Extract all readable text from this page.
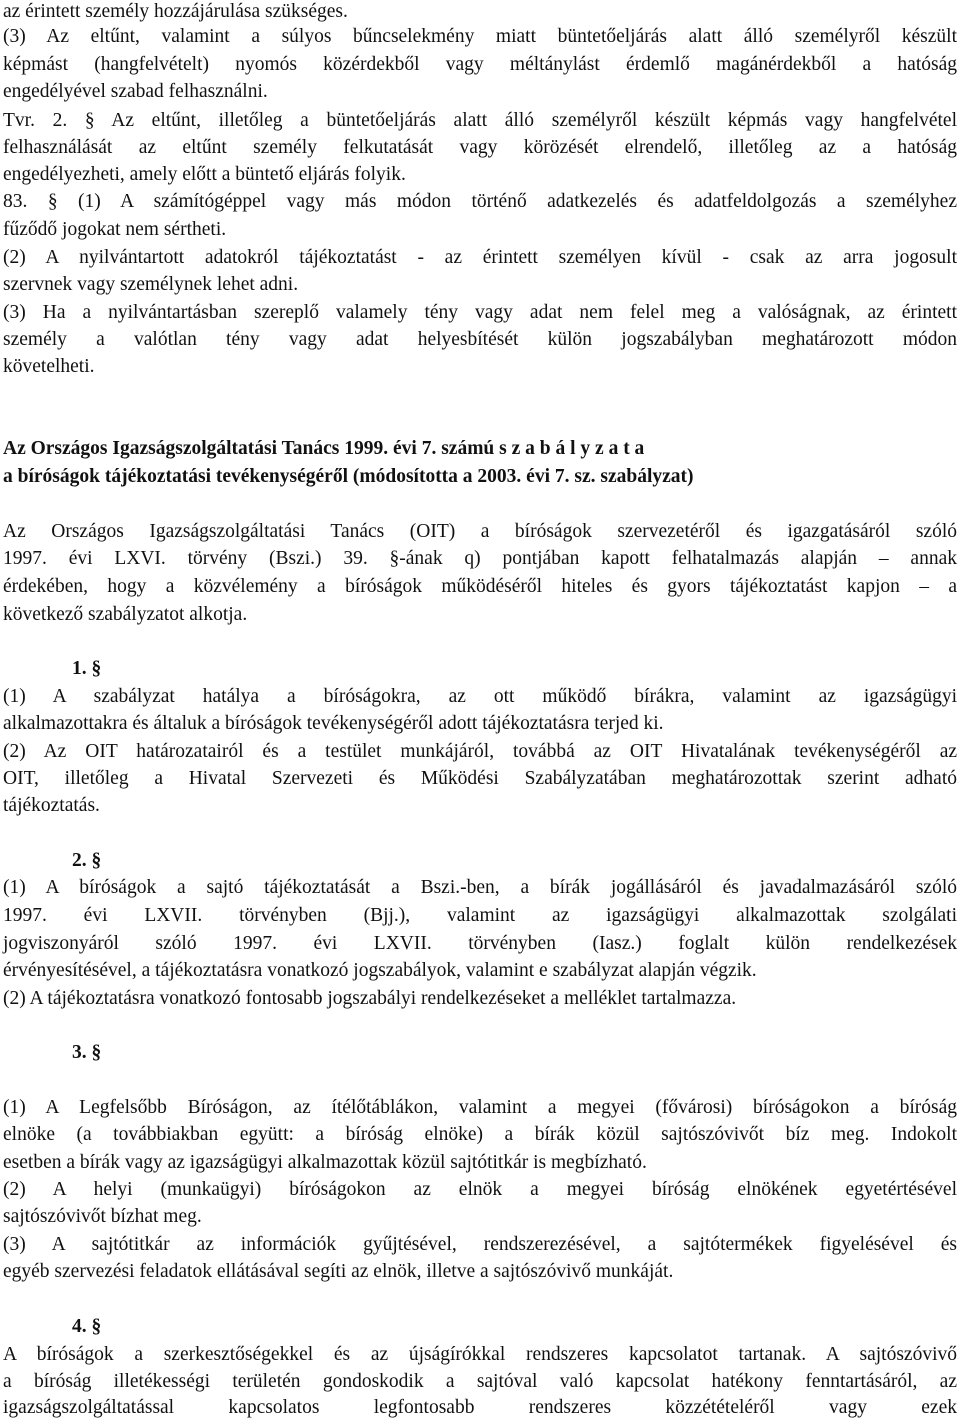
az érintett személy hozzájárulása szükséges.
(3) Az eltűnt, valamint a súlyos bűncselekmény miatt büntetőeljárás alatt álló személyről készült
képmást (hangfelvételt) nyomós közérdekből vagy méltánylást érdemlő magánérdekből a hatóság
engedélyével szabad felhasználni.
Tvr. 2. § Az eltűnt, illetőleg a büntetőeljárás alatt álló személyről készült képmás vagy hangfelvétel
felhasználását az eltűnt személy felkutatását vagy körözését elrendelő, illetőleg az a hatóság
engedélyezheti, amely előtt a büntető eljárás folyik.
83. § (1) A számítógéppel vagy más módon történő adatkezelés és adatfeldolgozás a személyhez
fűződő jogokat nem sértheti.
(2) A nyilvántartott adatokról tájékoztatást - az érintett személyen kívül - csak az arra jogosult
szervnek vagy személynek lehet adni.
(3) Ha a nyilvántartásban szereplő valamely tény vagy adat nem felel meg a valóságnak, az érintett
személy a valótlan tény vagy adat helyesbítését külön jogszabályban meghatározott módon
követelheti.
Az Országos Igazságszolgáltatási Tanács 1999. évi 7. számú s z a b á l y z a t a
a bíróságok tájékoztatási tevékenységéről (módosította a 2003. évi 7. sz. szabályzat)
Az Országos Igazságszolgáltatási Tanács (OIT) a bíróságok szervezetéről és igazgatásáról szóló
1997. évi LXVI. törvény (Bszi.) 39. §-ának q) pontjában kapott felhatalmazás alapján – annak
érdekében, hogy a közvélemény a bíróságok működéséről hiteles és gyors tájékoztatást kapjon – a
következő szabályzatot alkotja.
1. §
(1) A szabályzat hatálya a bíróságokra, az ott működő bírákra, valamint az igazságügyi
alkalmazottakra és általuk a bíróságok tevékenységéről adott tájékoztatásra terjed ki.
(2) Az OIT határozatairól és a testület munkájáról, továbbá az OIT Hivatalának tevékenységéről az
OIT, illetőleg a Hivatal Szervezeti és Működési Szabályzatában meghatározottak szerint adható
tájékoztatás.
2. §
(1) A bíróságok a sajtó tájékoztatását a Bszi.-ben, a bírák jogállásáról és javadalmazásáról szóló
1997. évi LXVII. törvényben (Bjj.), valamint az igazságügyi alkalmazottak szolgálati
jogviszonyáról szóló 1997. évi LXVII. törvényben (Iasz.) foglalt külön rendelkezések
érvényesítésével, a tájékoztatásra vonatkozó jogszabályok, valamint e szabályzat alapján végzik.
(2) A tájékoztatásra vonatkozó fontosabb jogszabályi rendelkezéseket a melléklet tartalmazza.
3. §
(1) A Legfelsőbb Bíróságon, az ítélőtáblákon, valamint a megyei (fővárosi) bíróságokon a bíróság
elnöke (a továbbiakban együtt: a bíróság elnöke) a bírák közül sajtószóvivőt bíz meg. Indokolt
esetben a bírák vagy az igazságügyi alkalmazottak közül sajtótitkár is megbízható.
(2) A helyi (munkaügyi) bíróságokon az elnök a megyei bíróság elnökének egyetértésével
sajtószóvivőt bízhat meg.
(3) A sajtótitkár az információk gyűjtésével, rendszerezésével, a sajtótermékek figyelésével és
egyéb szervezési feladatok ellátásával segíti az elnök, illetve a sajtószóvivő munkáját.
4. §
A bíróságok a szerkesztőségekkel és az újságírókkal rendszeres kapcsolatot tartanak. A sajtószóvivő
a bíróság illetékességi területén gondoskodik a sajtóval való kapcsolat hatékony fenntartásáról, az
igazságszolgáltatással kapcsolatos legfontosabb rendszeres közzétételéről vagy ezek
